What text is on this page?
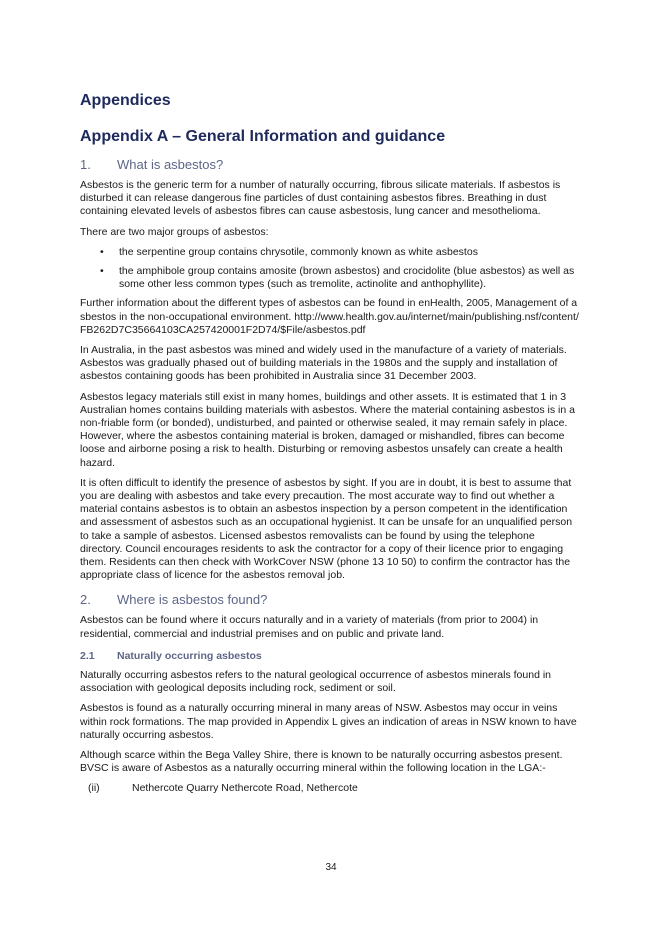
Appendices
Appendix A – General Information and guidance
1.	What is asbestos?

Asbestos is the generic term for a number of naturally occurring, fibrous silicate materials. If asbestos is disturbed it can release dangerous fine particles of dust containing asbestos fibres. Breathing in dust containing elevated levels of asbestos fibres can cause asbestosis, lung cancer and mesothelioma.

There are two major groups of asbestos:

• the serpentine group contains chrysotile, commonly known as white asbestos
• the amphibole group contains amosite (brown asbestos) and crocidolite (blue asbestos) as well as some other less common types (such as tremolite, actinolite and anthophyllite).

Further information about the different types of asbestos can be found in enHealth, 2005, Management of asbestos in the non-occupational environment. http://www.health.gov.au/internet/main/publishing.nsf/content/FB262D7C35664103CA257420001F2D74/$File/asbestos.pdf

In Australia, in the past asbestos was mined and widely used in the manufacture of a variety of materials. Asbestos was gradually phased out of building materials in the 1980s and the supply and installation of asbestos containing goods has been prohibited in Australia since 31 December 2003.

Asbestos legacy materials still exist in many homes, buildings and other assets. It is estimated that 1 in 3 Australian homes contains building materials with asbestos. Where the material containing asbestos is in a non-friable form (or bonded), undisturbed, and painted or otherwise sealed, it may remain safely in place. However, where the asbestos containing material is broken, damaged or mishandled, fibres can become loose and airborne posing a risk to health. Disturbing or removing asbestos unsafely can create a health hazard.

It is often difficult to identify the presence of asbestos by sight. If you are in doubt, it is best to assume that you are dealing with asbestos and take every precaution. The most accurate way to find out whether a material contains asbestos is to obtain an asbestos inspection by a person competent in the identification and assessment of asbestos such as an occupational hygienist. It can be unsafe for an unqualified person to take a sample of asbestos. Licensed asbestos removalists can be found by using the telephone directory. Council encourages residents to ask the contractor for a copy of their licence prior to engaging them. Residents can then check with WorkCover NSW (phone 13 10 50) to confirm the contractor has the appropriate class of licence for the asbestos removal job.

2.	Where is asbestos found?

Asbestos can be found where it occurs naturally and in a variety of materials (from prior to 2004) in residential, commercial and industrial premises and on public and private land.

2.1	Naturally occurring asbestos

Naturally occurring asbestos refers to the natural geological occurrence of asbestos minerals found in association with geological deposits including rock, sediment or soil.

Asbestos is found as a naturally occurring mineral in many areas of NSW. Asbestos may occur in veins within rock formations. The map provided in Appendix L gives an indication of areas in NSW known to have naturally occurring asbestos.

Although scarce within the Bega Valley Shire, there is known to be naturally occurring asbestos present. BVSC is aware of Asbestos as a naturally occurring mineral within the following location in the LGA:-

(ii)	Nethercote Quarry Nethercote Road, Nethercote
34
